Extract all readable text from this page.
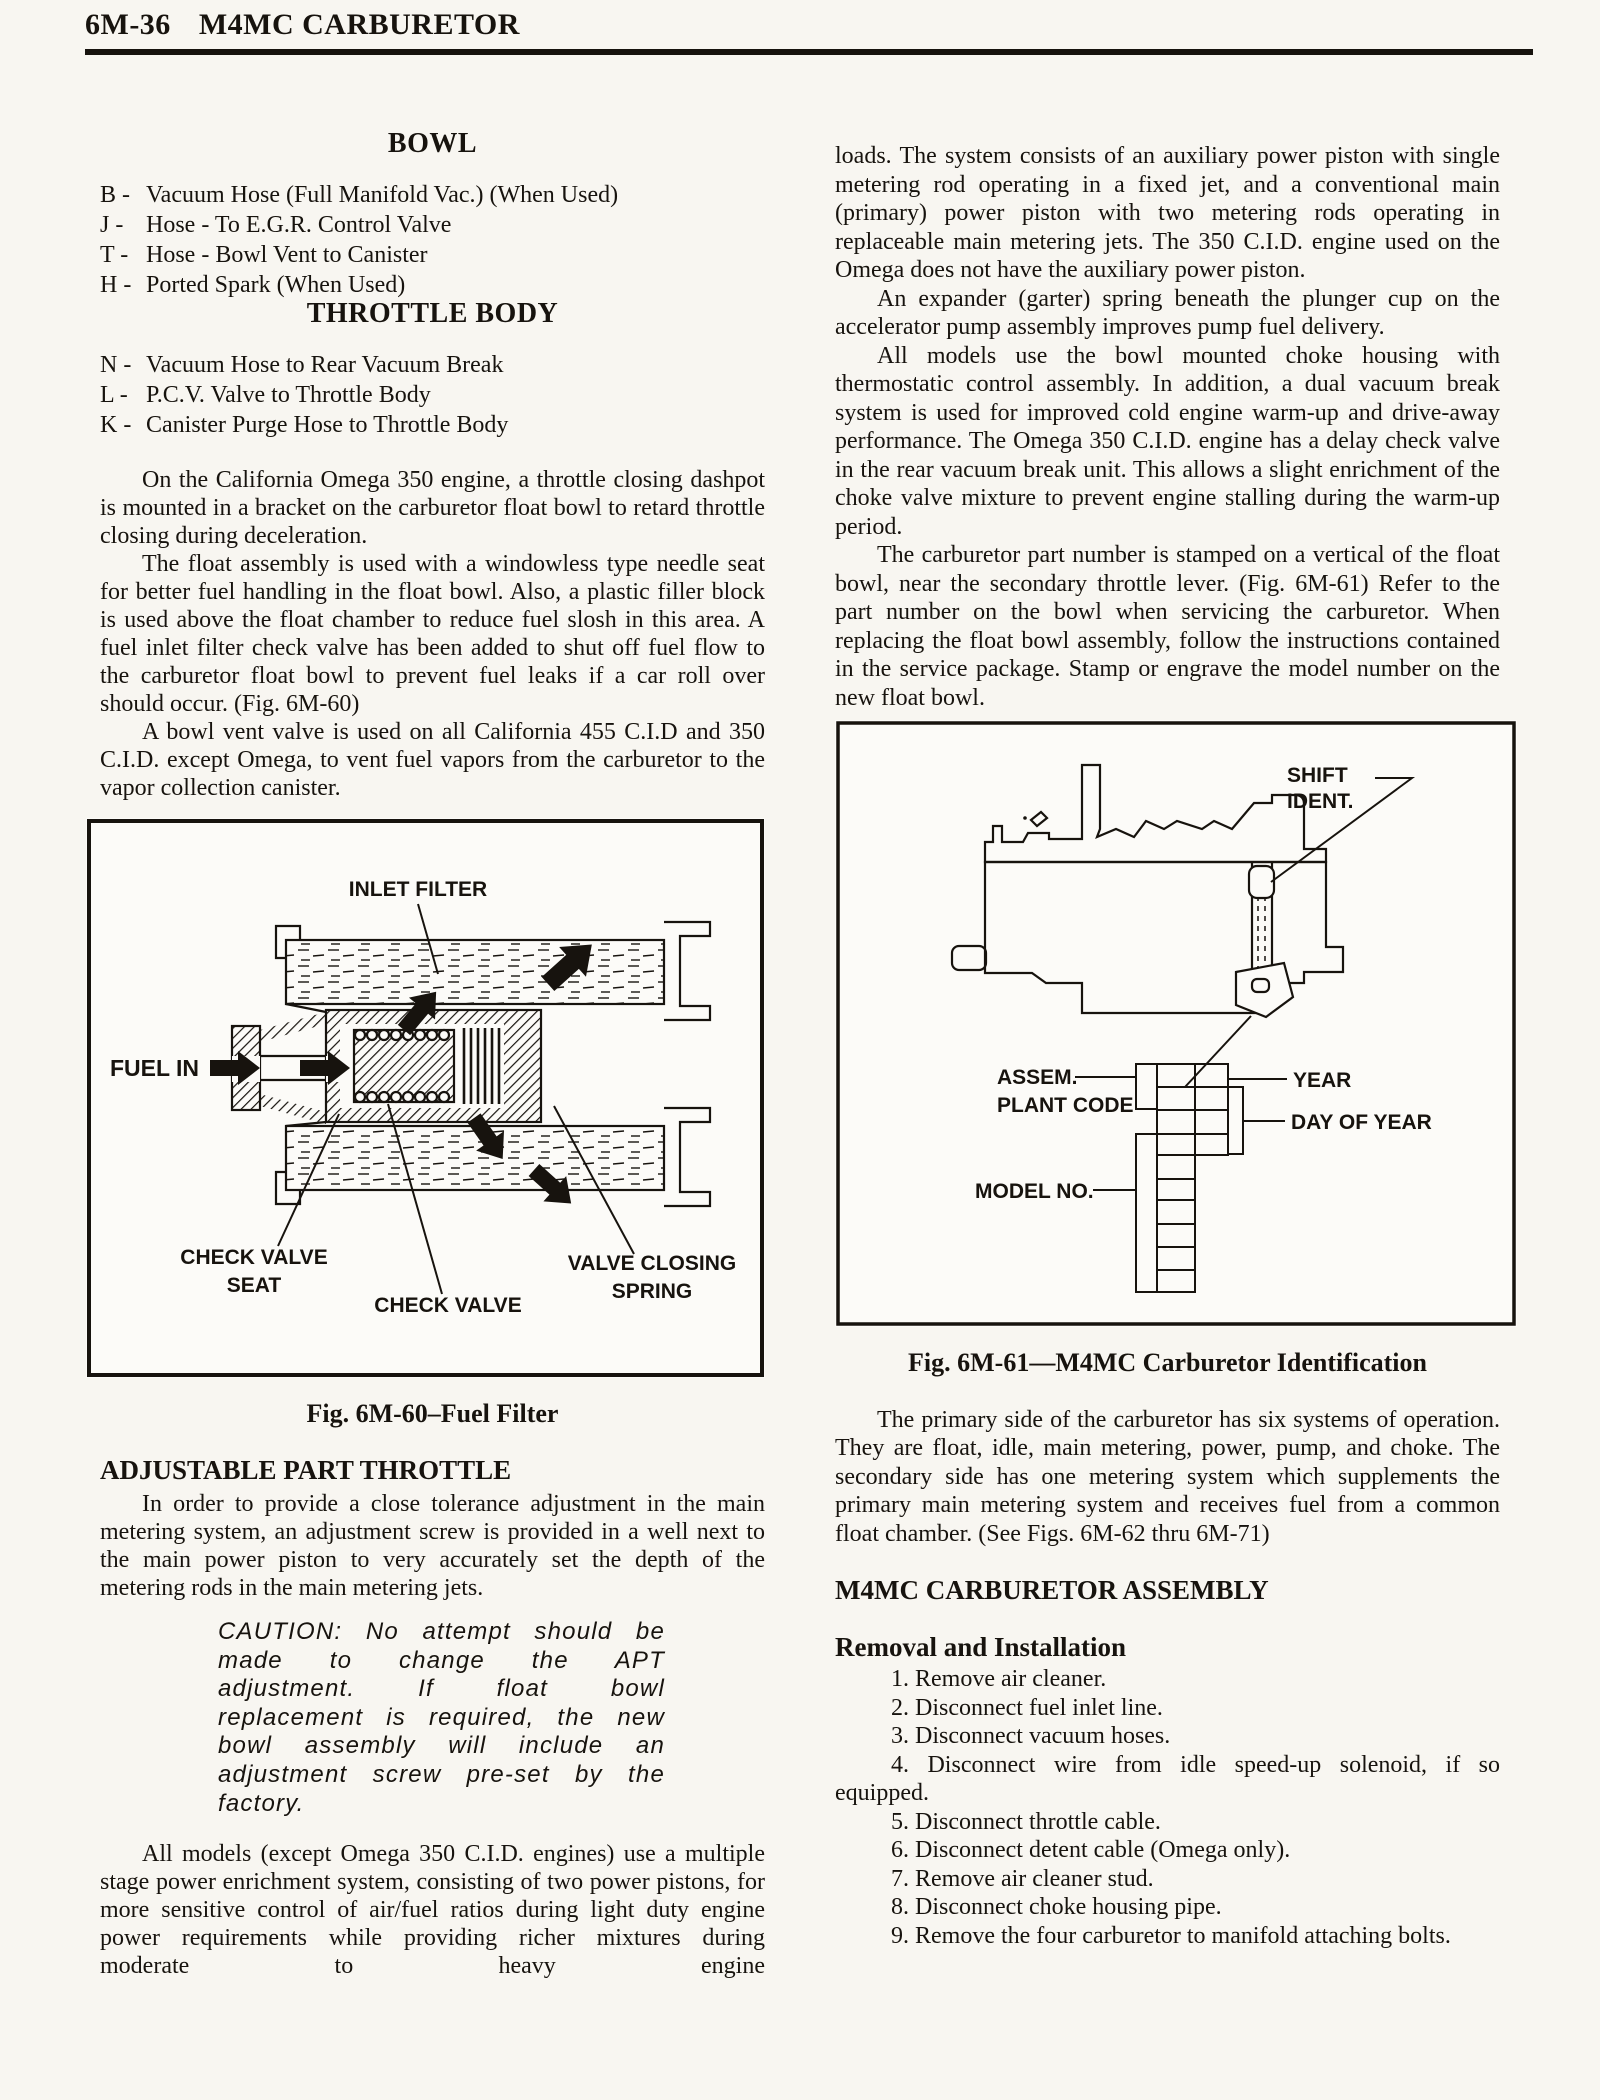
6M-36 M4MC CARBURETOR
BOWL
B - Vacuum Hose (Full Manifold Vac.) (When Used)
J - Hose - To E.G.R. Control Valve
T - Hose - Bowl Vent to Canister
H - Ported Spark (When Used)
THROTTLE BODY
N - Vacuum Hose to Rear Vacuum Break
L - P.C.V. Valve to Throttle Body
K - Canister Purge Hose to Throttle Body

On the California Omega 350 engine, a throttle closing dashpot is mounted in a bracket on the carburetor float bowl to retard throttle closing during deceleration.

The float assembly is used with a windowless type needle seat for better fuel handling in the float bowl. Also, a plastic filler block is used above the float chamber to reduce fuel slosh in this area. A fuel inlet filter check valve has been added to shut off fuel flow to the carburetor float bowl to prevent fuel leaks if a car roll over should occur. (Fig. 6M-60)

A bowl vent valve is used on all California 455 C.I.D and 350 C.I.D. except Omega, to vent fuel vapors from the carburetor to the vapor collection canister.

INLET FILTER
FUEL IN
CHECK VALVE
SEAT
CHECK VALVE
VALVE CLOSING
SPRING

Fig. 6M-60–Fuel Filter

ADJUSTABLE PART THROTTLE

In order to provide a close tolerance adjustment in the main metering system, an adjustment screw is provided in a well next to the main power piston to very accurately set the depth of the metering rods in the main metering jets.

CAUTION: No attempt should be made to change the APT adjustment. If float bowl replacement is required, the new bowl assembly will include an adjustment screw pre-set by the factory.

All models (except Omega 350 C.I.D. engines) use a multiple stage power enrichment system, consisting of two power pistons, for more sensitive control of air/fuel ratios during light duty engine power requirements while providing richer mixtures during moderate to heavy engine

loads. The system consists of an auxiliary power piston with single metering rod operating in a fixed jet, and a conventional main (primary) power piston with two metering rods operating in replaceable main metering jets. The 350 C.I.D. engine used on the Omega does not have the auxiliary power piston.

An expander (garter) spring beneath the plunger cup on the accelerator pump assembly improves pump fuel delivery.

All models use the bowl mounted choke housing with thermostatic control assembly. In addition, a dual vacuum break system is used for improved cold engine warm-up and drive-away performance. The Omega 350 C.I.D. engine has a delay check valve in the rear vacuum break unit. This allows a slight enrichment of the choke valve mixture to prevent engine stalling during the warm-up period.

The carburetor part number is stamped on a vertical of the float bowl, near the secondary throttle lever. (Fig. 6M-61) Refer to the part number on the bowl when servicing the carburetor. When replacing the float bowl assembly, follow the instructions contained in the service package. Stamp or engrave the model number on the new float bowl.

SHIFT
IDENT.
ASSEM.
PLANT CODE
YEAR
DAY OF YEAR
MODEL NO.

Fig. 6M-61—M4MC Carburetor Identification

The primary side of the carburetor has six systems of operation. They are float, idle, main metering, power, pump, and choke. The secondary side has one metering system which supplements the primary main metering system and receives fuel from a common float chamber. (See Figs. 6M-62 thru 6M-71)

M4MC CARBURETOR ASSEMBLY
Removal and Installation

1. Remove air cleaner.

2. Disconnect fuel inlet line.

3. Disconnect vacuum hoses.

4. Disconnect wire from idle speed-up solenoid, if so equipped.

5. Disconnect throttle cable.

6. Disconnect detent cable (Omega only).

7. Remove air cleaner stud.

8. Disconnect choke housing pipe.

9. Remove the four carburetor to manifold attaching bolts.
